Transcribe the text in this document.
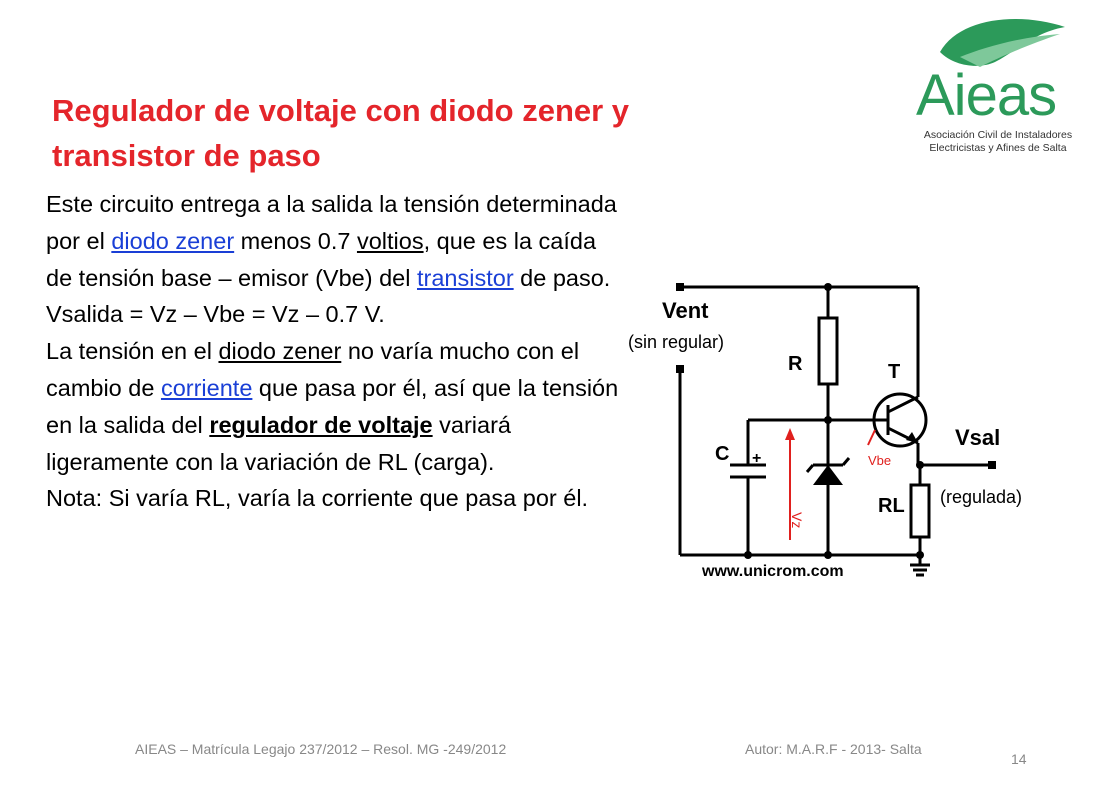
Regulador de voltaje con diodo zener y
transistor de paso
Aieas
Asociación Civil de Instaladores
Electricistas y Afines de Salta

Este circuito entrega a la salida la tensión determinada por el diodo zener menos 0.7 voltios, que es la caída de tensión base – emisor (Vbe) del transistor de paso.
Vsalida = Vz – Vbe = Vz – 0.7 V.
La tensión en el diodo zener no varía mucho con el cambio de corriente que pasa por él, así que la tensión en la salida del regulador de voltaje variará ligeramente con la variación de RL (carga).
Nota: Si varía RL, varía la corriente que pasa por él.

Vz
Vbe
Vent
(sin regular)
R	T
C +
Vsal
RL (regulada)
www.unicrom.com
AIEAS – Matrícula Legajo 237/2012 – Resol. MG -249/2012	Autor: M.A.R.F - 2013- Salta
14
